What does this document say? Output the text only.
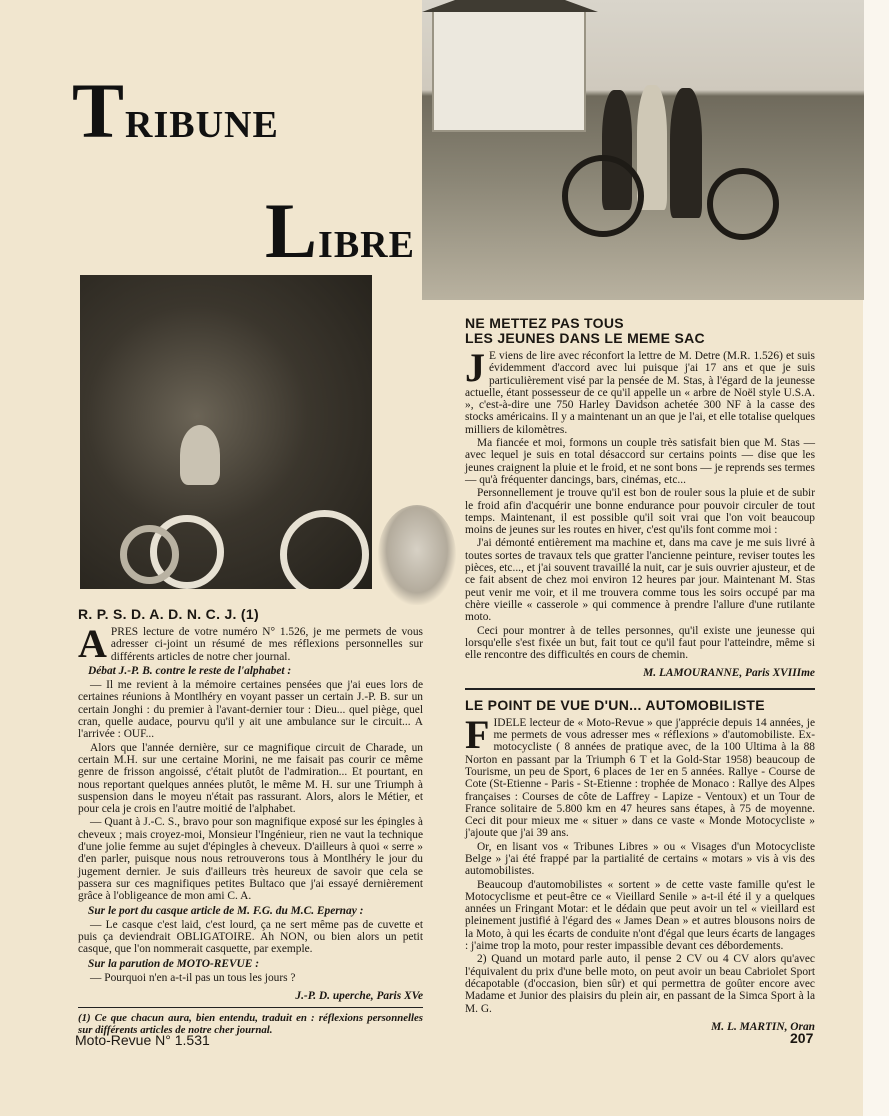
TRIBUNE
LIBRE
NE METTEZ PAS TOUS
LES JEUNES DANS LE MEME SAC

J E viens de lire avec réconfort la lettre de M. Detre (M.R. 1.526) et suis évidemment d'accord avec lui puisque j'ai 17 ans et que je suis particulièrement visé par la pensée de M. Stas, à l'égard de la jeunesse actuelle, étant possesseur de ce qu'il appelle un « arbre de Noël style U.S.A. », c'est-à-dire une 750 Harley Davidson achetée 300 NF à la casse des stocks américains. Il y a maintenant un an que je l'ai, et elle totalise quelques milliers de kilomètres.

Ma fiancée et moi, formons un couple très satisfait bien que M. Stas — avec lequel je suis en total désaccord sur certains points — dise que les jeunes craignent la pluie et le froid, et ne sont bons — je reprends ses termes — qu'à fréquenter dancings, bars, cinémas, etc...

Personnellement je trouve qu'il est bon de rouler sous la pluie et de subir le froid afin d'acquérir une bonne endurance pour pouvoir circuler de tout temps. Maintenant, il est possible qu'il soit vrai que l'on voit beaucoup moins de jeunes sur les routes en hiver, c'est qu'ils font comme moi :

J'ai démonté entièrement ma machine et, dans ma cave je me suis livré à toutes sortes de travaux tels que gratter l'ancienne peinture, reviser toutes les pièces, etc..., et j'ai souvent travaillé la nuit, car je suis ouvrier ajusteur, et de ce fait absent de chez moi environ 12 heures par jour. Maintenant M. Stas peut venir me voir, et il me trouvera comme tous les soirs occupé par ma chère vieille « casserole » qui commence à prendre l'allure d'une rutilante moto.

Ceci pour montrer à de telles personnes, qu'il existe une jeunesse qui lorsqu'elle s'est fixée un but, fait tout ce qu'il faut pour l'atteindre, même si elle rencontre des difficultés en cours de chemin.

M. LAMOURANNE, Paris XVIIIme
LE POINT DE VUE D'UN... AUTOMOBILISTE

FIDELE lecteur de « Moto-Revue » que j'apprécie depuis 14 années, je me permets de vous adresser mes « réflexions » d'automobiliste. Ex-motocycliste ( 8 années de pratique avec, de la 100 Ultima à la 88 Norton en passant par la Triumph 6 T et la Gold-Star 1958) beaucoup de Tourisme, un peu de Sport, 6 places de 1er en 5 années. Rallye - Course de Cote (St-Etienne - Paris - St-Etienne : trophée de Monaco : Rallye des Alpes françaises : Courses de côte de Laffrey - Lapize - Ventoux) et un Tour de France solitaire de 5.800 km en 47 heures sans étapes, à 75 de moyenne. Ceci dit pour mieux me « situer » dans ce vaste « Monde Motocycliste » j'ajoute que j'ai 39 ans.

Or, en lisant vos « Tribunes Libres » ou « Visages d'un Motocycliste Belge » j'ai été frappé par la partialité de certains « motars » vis à vis des automobilistes.

Beaucoup d'automobilistes « sortent » de cette vaste famille qu'est le Motocyclisme et peut-être ce « Vieillard Senile » a-t-il été il y a quelques années un Fringant Motar: et le dédain que peut avoir un tel « vieillard est pleinement justifié à l'égard des « James Dean » et autres blousons noirs de la Moto, à qui les écarts de conduite n'ont d'égal que leurs écarts de langages : j'aime trop la moto, pour rester impassible devant ces débordements.

2) Quand un motard parle auto, il pense 2 CV ou 4 CV alors qu'avec l'équivalent du prix d'une belle moto, on peut avoir un beau Cabriolet Sport décapotable (d'occasion, bien sûr) et qui permettra de goûter encore avec Madame et Junior des plaisirs du plein air, en passant de la Simca Sport à la M. G.

M. L. MARTIN, Oran
R. P. S. D. A. D. N. C. J. (1)

APRES lecture de votre numéro N° 1.526, je me permets de vous adresser ci-joint un résumé de mes réflexions personnelles sur différents articles de notre cher journal.

Débat J.-P. B. contre le reste de l'alphabet :

— Il me revient à la mémoire certaines pensées que j'ai eues lors de certaines réunions à Montlhéry en voyant passer un certain J.-P. B. sur un certain Jonghi : du premier à l'avant-dernier tour : Dieu... quel piège, quel cran, quelle audace, pourvu qu'il y ait une ambulance sur le circuit... A l'arrivée : OUF...

Alors que l'année dernière, sur ce magnifique circuit de Charade, un certain M.H. sur une certaine Morini, ne me faisait pas courir ce même genre de frisson angoissé, c'était plutôt de l'admiration... Et pourtant, en nous reportant quelques années plutôt, le même M. H. sur une Triumph à suspension dans le moyeu n'était pas rassurant. Alors, alors le Métier, et pour cela je crois en l'autre moitié de l'alphabet.

— Quant à J.-C. S., bravo pour son magnifique exposé sur les épingles à cheveux ; mais croyez-moi, Monsieur l'Ingénieur, rien ne vaut la technique d'une jolie femme au sujet d'épingles à cheveux. D'ailleurs à quoi « serre » d'en parler, puisque nous nous retrouverons tous à Montlhéry le jour du jugement dernier. Je suis d'ailleurs très heureux de savoir que cela se passera sur ces magnifiques petites Bultaco que j'ai essayé dernièrement grâce à l'obligeance de mon ami C. A.

Sur le port du casque article de M. F.G. du M.C. Epernay :

— Le casque c'est laid, c'est lourd, ça ne sert même pas de cuvette et puis ça deviendrait OBLIGATOIRE. Ah NON, ou bien alors un petit casque, que l'on nommerait casquette, par exemple.

Sur la parution de MOTO-REVUE :

— Pourquoi n'en a-t-il pas un tous les jours ?

J.-P. D. uperche, Paris XVe

(1) Ce que chacun aura, bien entendu, traduit en : réflexions personnelles sur différents articles de notre cher journal.

Moto-Revue N° 1.531	207
